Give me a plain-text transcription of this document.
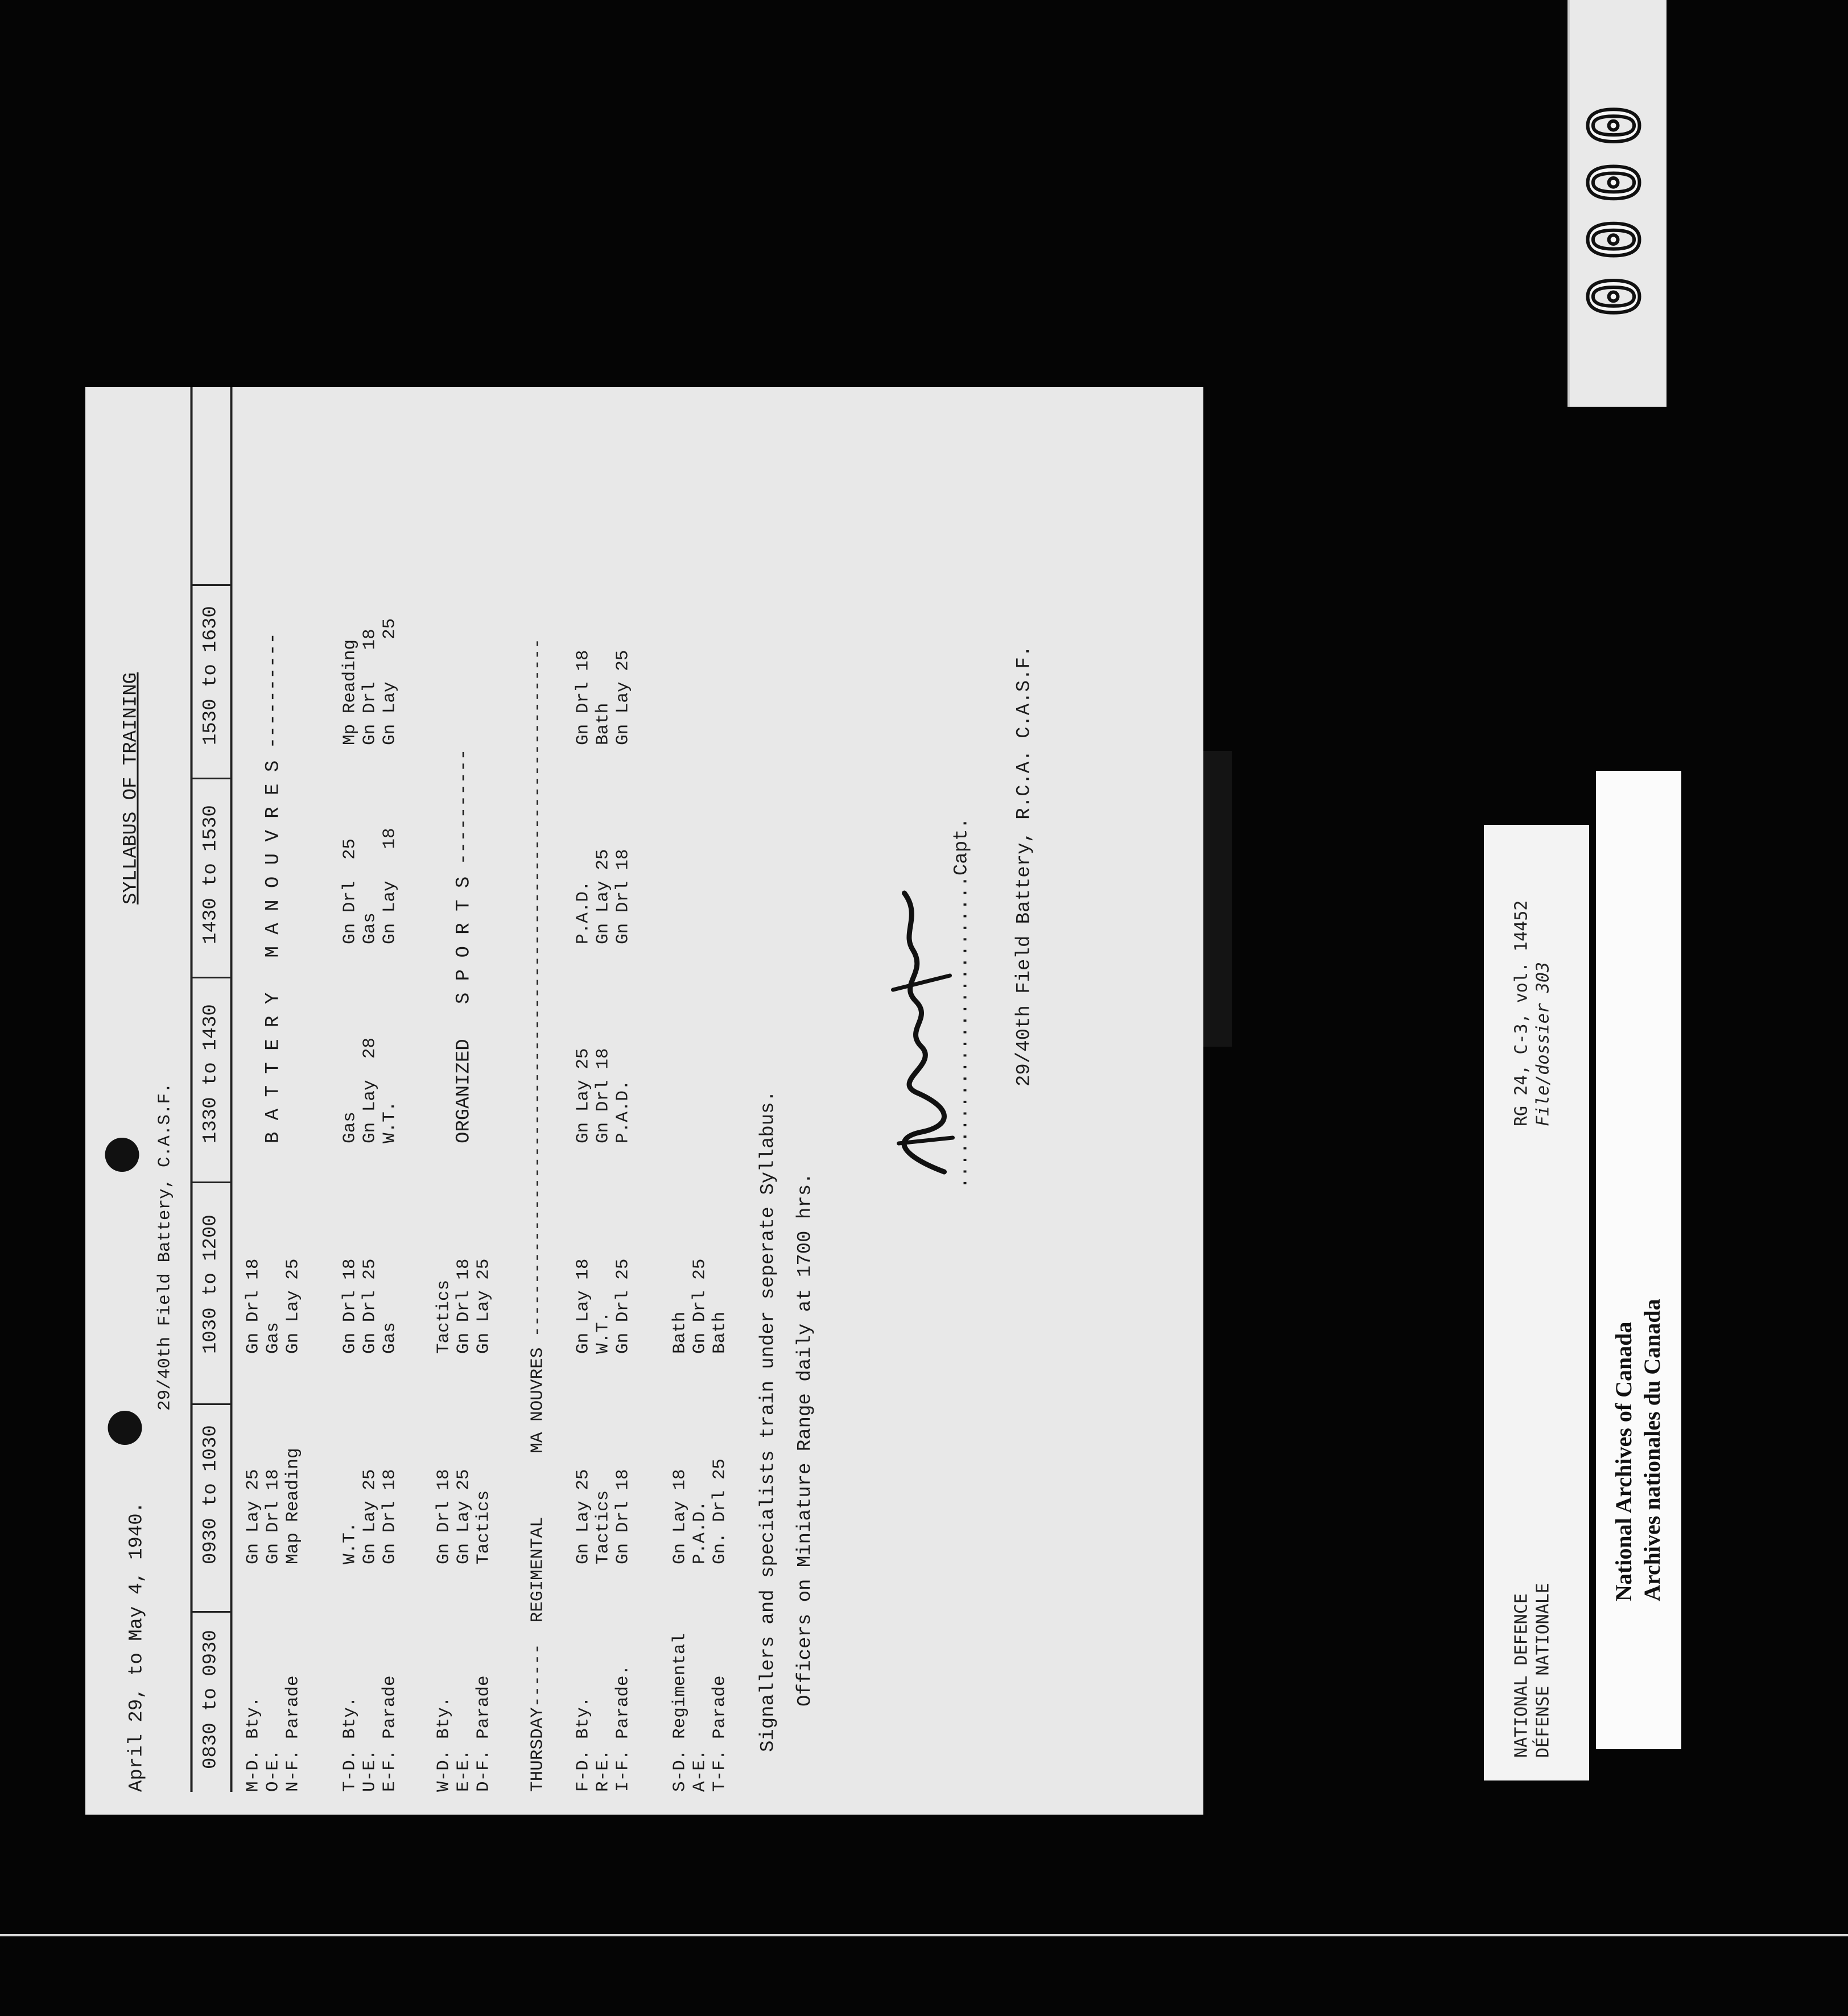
0000
April 29, to May 4, 1940.
SYLLABUS OF TRAINING
29/40th Field Battery, C.A.S.F.
0830 to 0930
0930 to 1030
1030 to 1200
1330 to 1430
1430 to 1530
1530 to 1630
M-D. Bty. O-E. N-F. Parade
Gn Lay 25 Gn Drl 18 Map Reading
Gn Drl 18 Gas Gn Lay 25
B A T T E R Y   M A N O U V R E S ----------
T-D. Bty. U-E. E-F. Parade
W.T. Gn Lay 25 Gn Drl 18
Gn Drl 18 Gn Drl 25 Gas
Gas Gn Lay  28 W.T.
Gn Drl  25 Gas Gn Lay   18
Mp Reading Gn Drl   18 Gn Lay    25
W-D. Bty. E-E. D-F. Parade
Gn Drl 18 Gn Lay 25 Tactics
Tactics Gn Drl 18 Gn Lay 25
ORGANIZED   S P O R T S ----------	THURSDAY------  REGIMENTAL      MA NOUVRES ------------------------------------------------------------------ F-D. Bty. R-E. I-F. Parade.
Gn Lay 25 Tactics Gn Drl 18
Gn Lay 18 W.T. Gn Drl 25
Gn Lay 25 Gn Drl 18 P.A.D.
P.A.D. Gn Lay 25 Gn Drl 18
Gn Drl 18 Bath Gn Lay 25
S-D. Regimental A-E. T-F. Parade
Gn Lay 18 P.A.D. Gn. Drl 25
Bath Gn Drl 25 Bath Signallers and specialists train under seperate Syllabus. Officers on Miniature Range daily at 1700 hrs.
...........................Capt. 29/40th Field Battery, R.C.A. C.A.S.F.
NATIONAL DEFENCE DÉFENSE NATIONALE
RG 24, C-3, vol. 14452 File/dossier 303
National Archives of Canada Archives nationales du Canada
